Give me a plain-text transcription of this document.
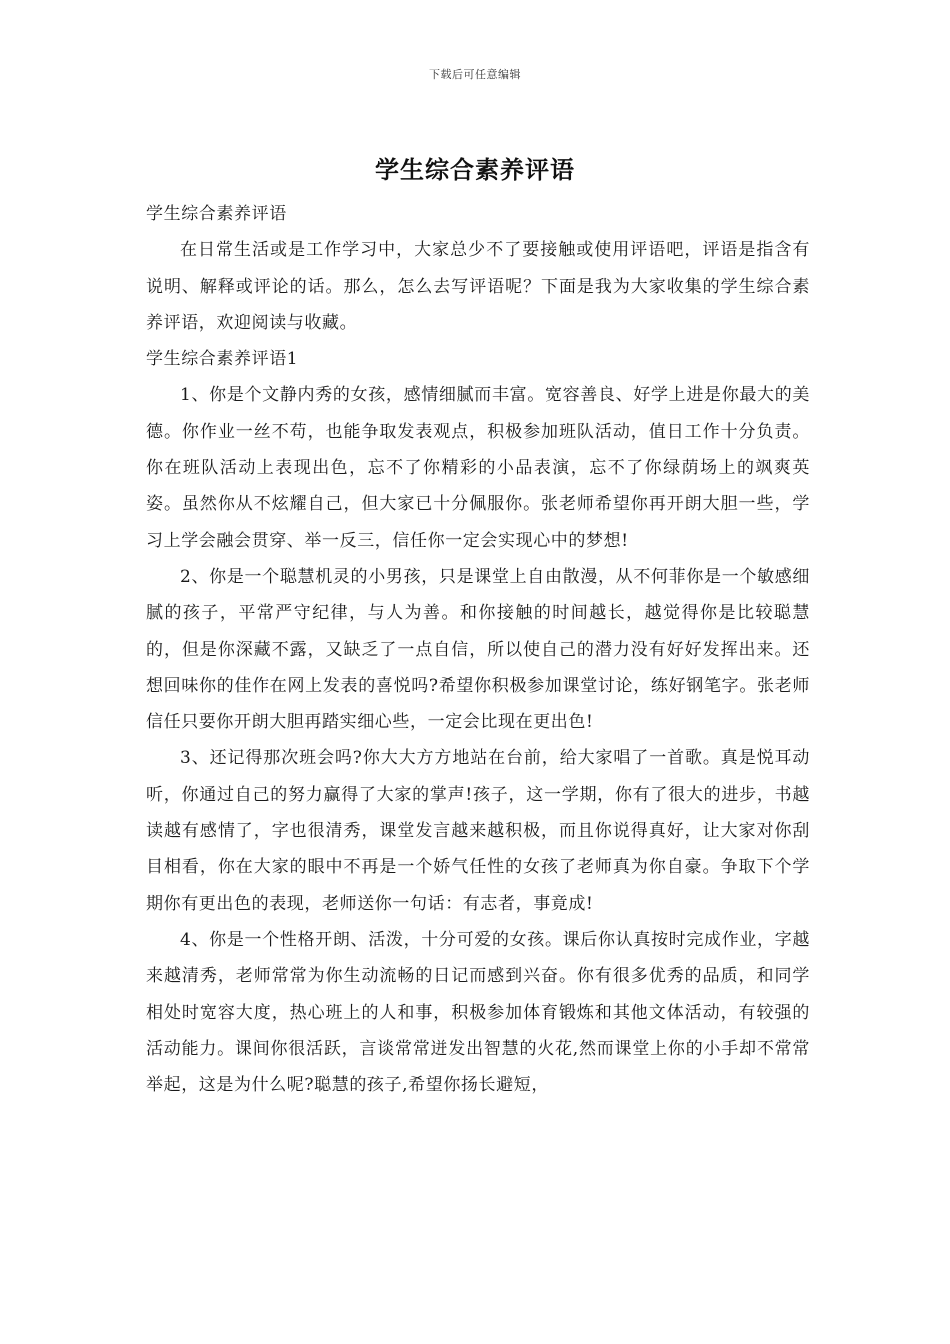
下载后可任意编辑
学生综合素养评语

学生综合素养评语

在日常生活或是工作学习中，大家总少不了要接触或使用评语吧，评语是指含有说明、解释或评论的话。那么，怎么去写评语呢？下面是我为大家收集的学生综合素养评语，欢迎阅读与收藏。

学生综合素养评语1

1、你是个文静内秀的女孩，感情细腻而丰富。宽容善良、好学上进是你最大的美德。你作业一丝不苟，也能争取发表观点，积极参加班队活动，值日工作十分负责。你在班队活动上表现出色，忘不了你精彩的小品表演，忘不了你绿荫场上的飒爽英姿。虽然你从不炫耀自己，但大家已十分佩服你。张老师希望你再开朗大胆一些，学习上学会融会贯穿、举一反三，信任你一定会实现心中的梦想!

2、你是一个聪慧机灵的小男孩，只是课堂上自由散漫，从不何菲你是一个敏感细腻的孩子，平常严守纪律，与人为善。和你接触的时间越长，越觉得你是比较聪慧的，但是你深藏不露，又缺乏了一点自信，所以使自己的潜力没有好好发挥出来。还想回味你的佳作在网上发表的喜悦吗?希望你积极参加课堂讨论，练好钢笔字。张老师信任只要你开朗大胆再踏实细心些，一定会比现在更出色!

3、还记得那次班会吗?你大大方方地站在台前，给大家唱了一首歌。真是悦耳动听，你通过自己的努力赢得了大家的掌声!孩子，这一学期，你有了很大的进步，书越读越有感情了，字也很清秀，课堂发言越来越积极，而且你说得真好，让大家对你刮目相看，你在大家的眼中不再是一个娇气任性的女孩了老师真为你自豪。争取下个学期你有更出色的表现，老师送你一句话：有志者，事竟成!

4、你是一个性格开朗、活泼，十分可爱的女孩。课后你认真按时完成作业，字越来越清秀，老师常常为你生动流畅的日记而感到兴奋。你有很多优秀的品质，和同学相处时宽容大度，热心班上的人和事，积极参加体育锻炼和其他文体活动，有较强的活动能力。课间你很活跃，言谈常常迸发出智慧的火花,然而课堂上你的小手却不常常举起，这是为什么呢?聪慧的孩子,希望你扬长避短，
